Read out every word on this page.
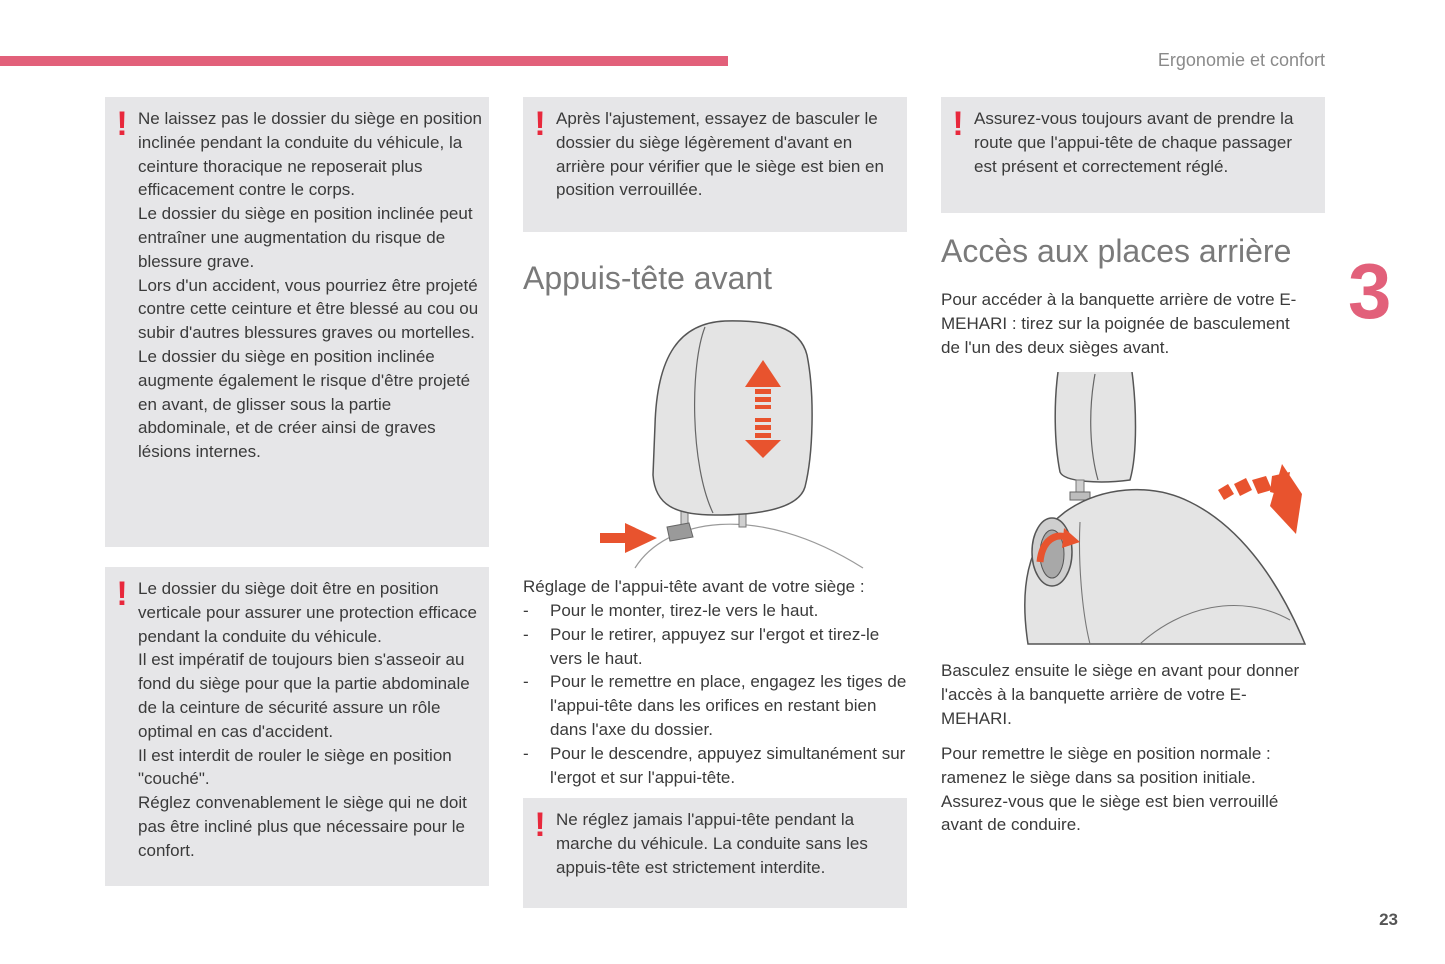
Ergonomie et confort
3
23
! Ne laissez pas le dossier du siège en position inclinée pendant la conduite du véhicule, la ceinture thoracique ne reposerait plus efficacement contre le corps.

Le dossier du siège en position inclinée peut entraîner une augmentation du risque de blessure grave.

Lors d'un accident, vous pourriez être projeté contre cette ceinture et être blessé au cou ou subir d'autres blessures graves ou mortelles.

Le dossier du siège en position inclinée augmente également le risque d'être projeté en avant, de glisser sous la partie abdominale, et de créer ainsi de graves lésions internes.

! Le dossier du siège doit être en position verticale pour assurer une protection efficace pendant la conduite du véhicule.

Il est impératif de toujours bien s'asseoir au fond du siège pour que la partie abdominale de la ceinture de sécurité assure un rôle optimal en cas d'accident.

Il est interdit de rouler le siège en position "couché".

Réglez convenablement le siège qui ne doit pas être incliné plus que nécessaire pour le confort.

! Après l'ajustement, essayez de basculer le dossier du siège légèrement d'avant en arrière pour vérifier que le siège est bien en position verrouillée.

Appuis-tête avant

Réglage de l'appui-tête avant de votre siège :

- Pour le monter, tirez-le vers le haut.
- Pour le retirer, appuyez sur l'ergot et tirez-le vers le haut.
- Pour le remettre en place, engagez les tiges de l'appui-tête dans les orifices en restant bien dans l'axe du dossier.
- Pour le descendre, appuyez simultanément sur l'ergot et sur l'appui-tête.
! Ne réglez jamais l'appui-tête pendant la marche du véhicule. La conduite sans les appuis-tête est strictement interdite.

! Assurez-vous toujours avant de prendre la route que l'appui-tête de chaque passager est présent et correctement réglé.

Accès aux places arrière

Pour accéder à la banquette arrière de votre E-MEHARI : tirez sur la poignée de basculement de l'un des deux sièges avant.

Basculez ensuite le siège en avant pour donner l'accès à la banquette arrière de votre E-MEHARI.

Pour remettre le siège en position normale : ramenez le siège dans sa position initiale. Assurez-vous que le siège est bien verrouillé avant de conduire.
